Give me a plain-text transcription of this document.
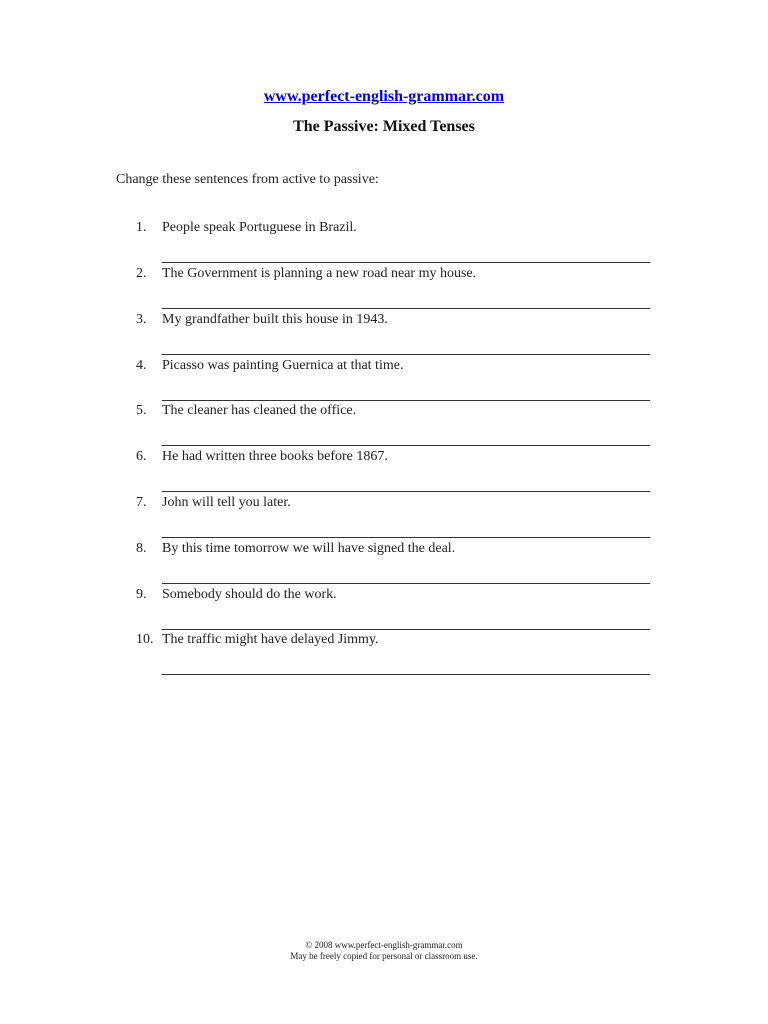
www.perfect-english-grammar.com
The Passive: Mixed Tenses
Change these sentences from active to passive:
1. People speak Portuguese in Brazil.
2. The Government is planning a new road near my house.
3. My grandfather built this house in 1943.
4. Picasso was painting Guernica at that time.
5. The cleaner has cleaned the office.
6. He had written three books before 1867.
7. John will tell you later.
8. By this time tomorrow we will have signed the deal.
9. Somebody should do the work.
10. The traffic might have delayed Jimmy.
© 2008 www.perfect-english-grammar.com
May be freely copied for personal or classroom use.
